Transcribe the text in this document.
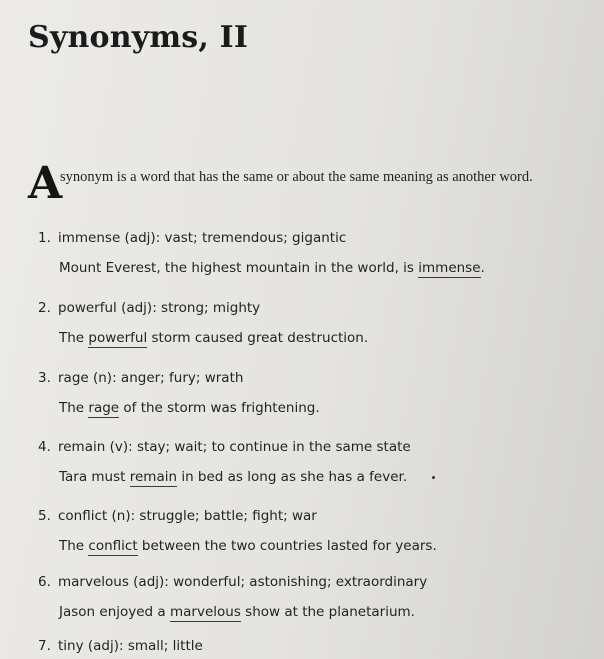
Synonyms, II
A
synonym is a word that has the same or about the same meaning as another word.
1. immense (adj): vast; tremendous; gigantic
Mount Everest, the highest mountain in the world, is immense.
2. powerful (adj): strong; mighty
The powerful storm caused great destruction.
3. rage (n): anger; fury; wrath
The rage of the storm was frightening.
4. remain (v): stay; wait; to continue in the same state
Tara must remain in bed as long as she has a fever.
5. conflict (n): struggle; battle; fight; war
The conflict between the two countries lasted for years.
6. marvelous (adj): wonderful; astonishing; extraordinary
Jason enjoyed a marvelous show at the planetarium.
7. tiny (adj): small; little
